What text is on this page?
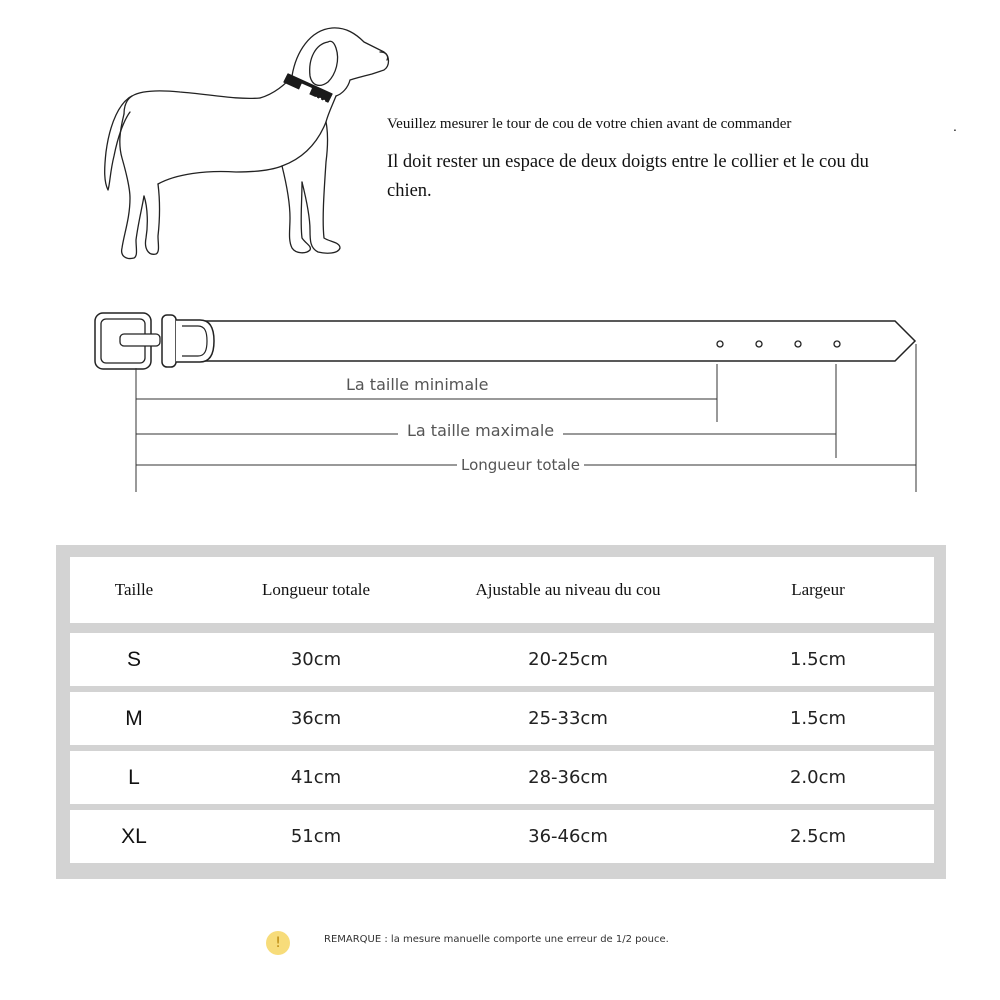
Veuillez mesurer le tour de cou de votre chien avant de commander	.
Il doit rester un espace de deux doigts entre le collier et le cou du chien.
La taille minimale
La taille maximale
Longueur totale
Taille	Longueur totale	Ajustable au niveau du cou	Largeur
S	30cm	20-25cm	1.5cm
M	36cm	25-33cm	1.5cm
L	41cm	28-36cm	2.0cm
XL	51cm	36-46cm	2.5cm
!	REMARQUE : la mesure manuelle comporte une erreur de 1/2 pouce.
